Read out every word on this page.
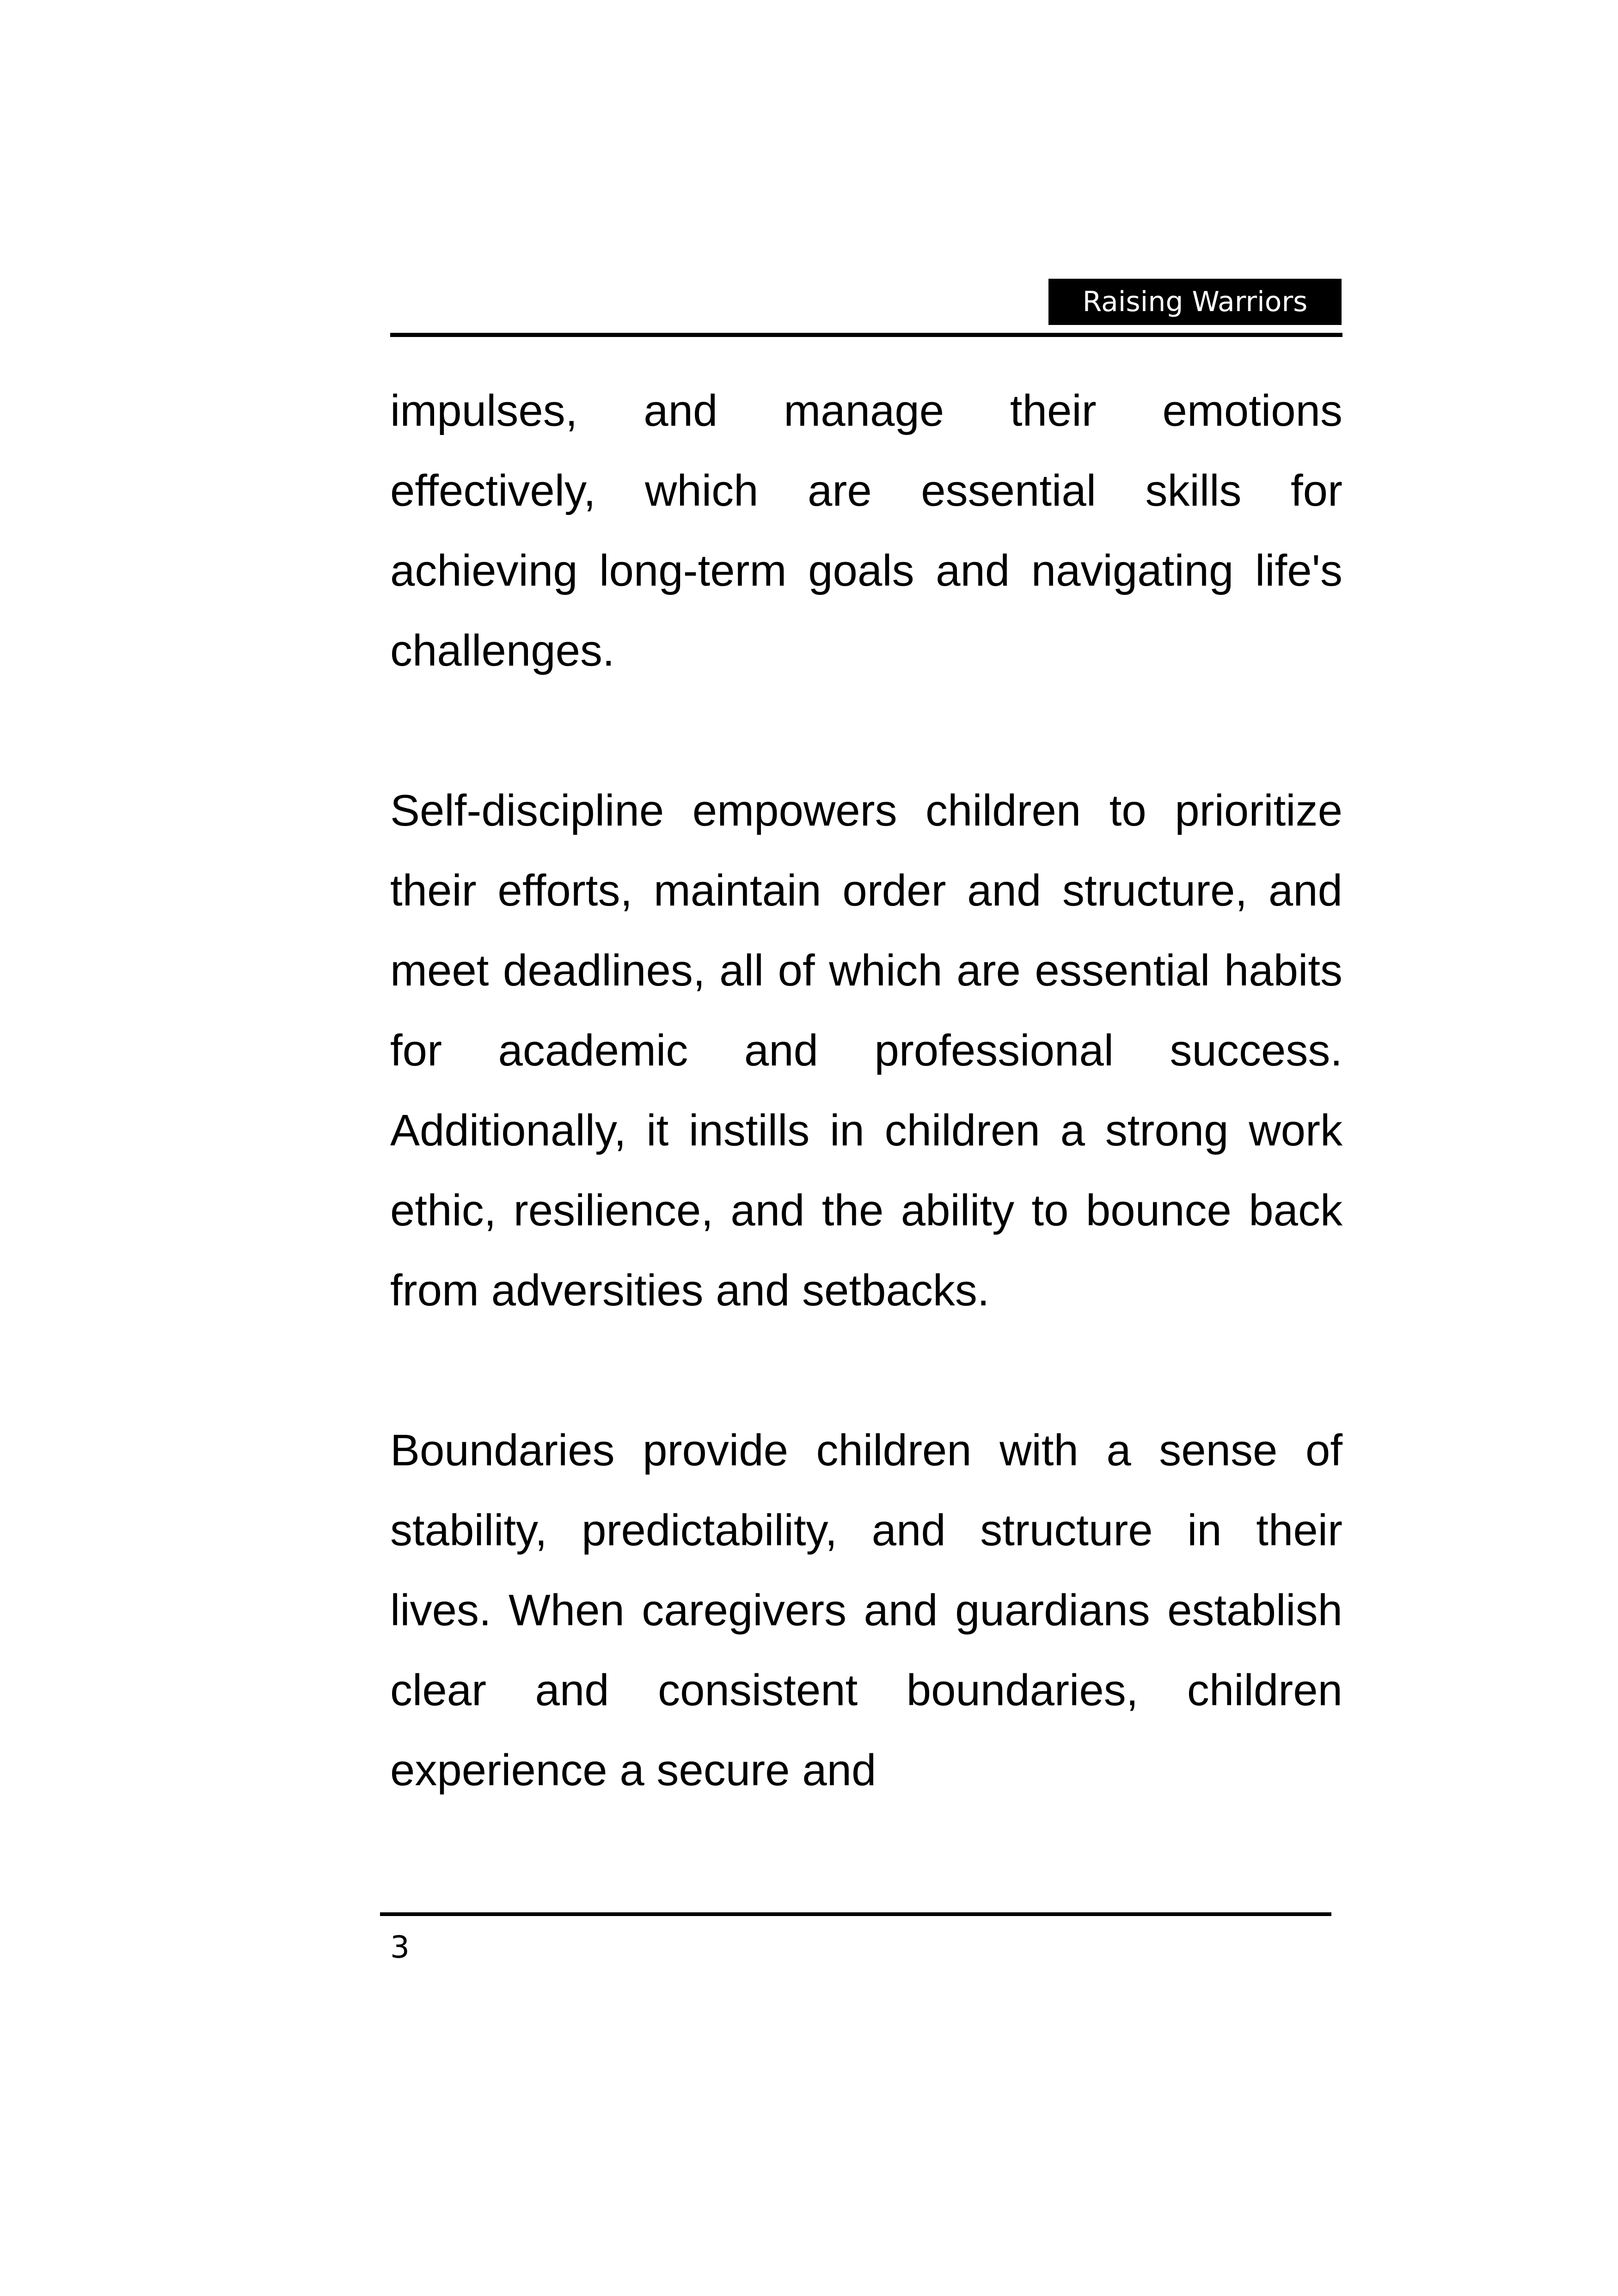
Raising Warriors

impulses, and manage their emotions effectively, which are essential skills for achieving long-term goals and navigating life's challenges.

Self-discipline empowers children to prioritize their efforts, maintain order and structure, and meet deadlines, all of which are essential habits for academic and professional success. Additionally, it instills in children a strong work ethic, resilience, and the ability to bounce back from adversities and setbacks.

Boundaries provide children with a sense of stability, predictability, and structure in their lives. When caregivers and guardians establish clear and consistent boundaries, children experience a secure and

3
